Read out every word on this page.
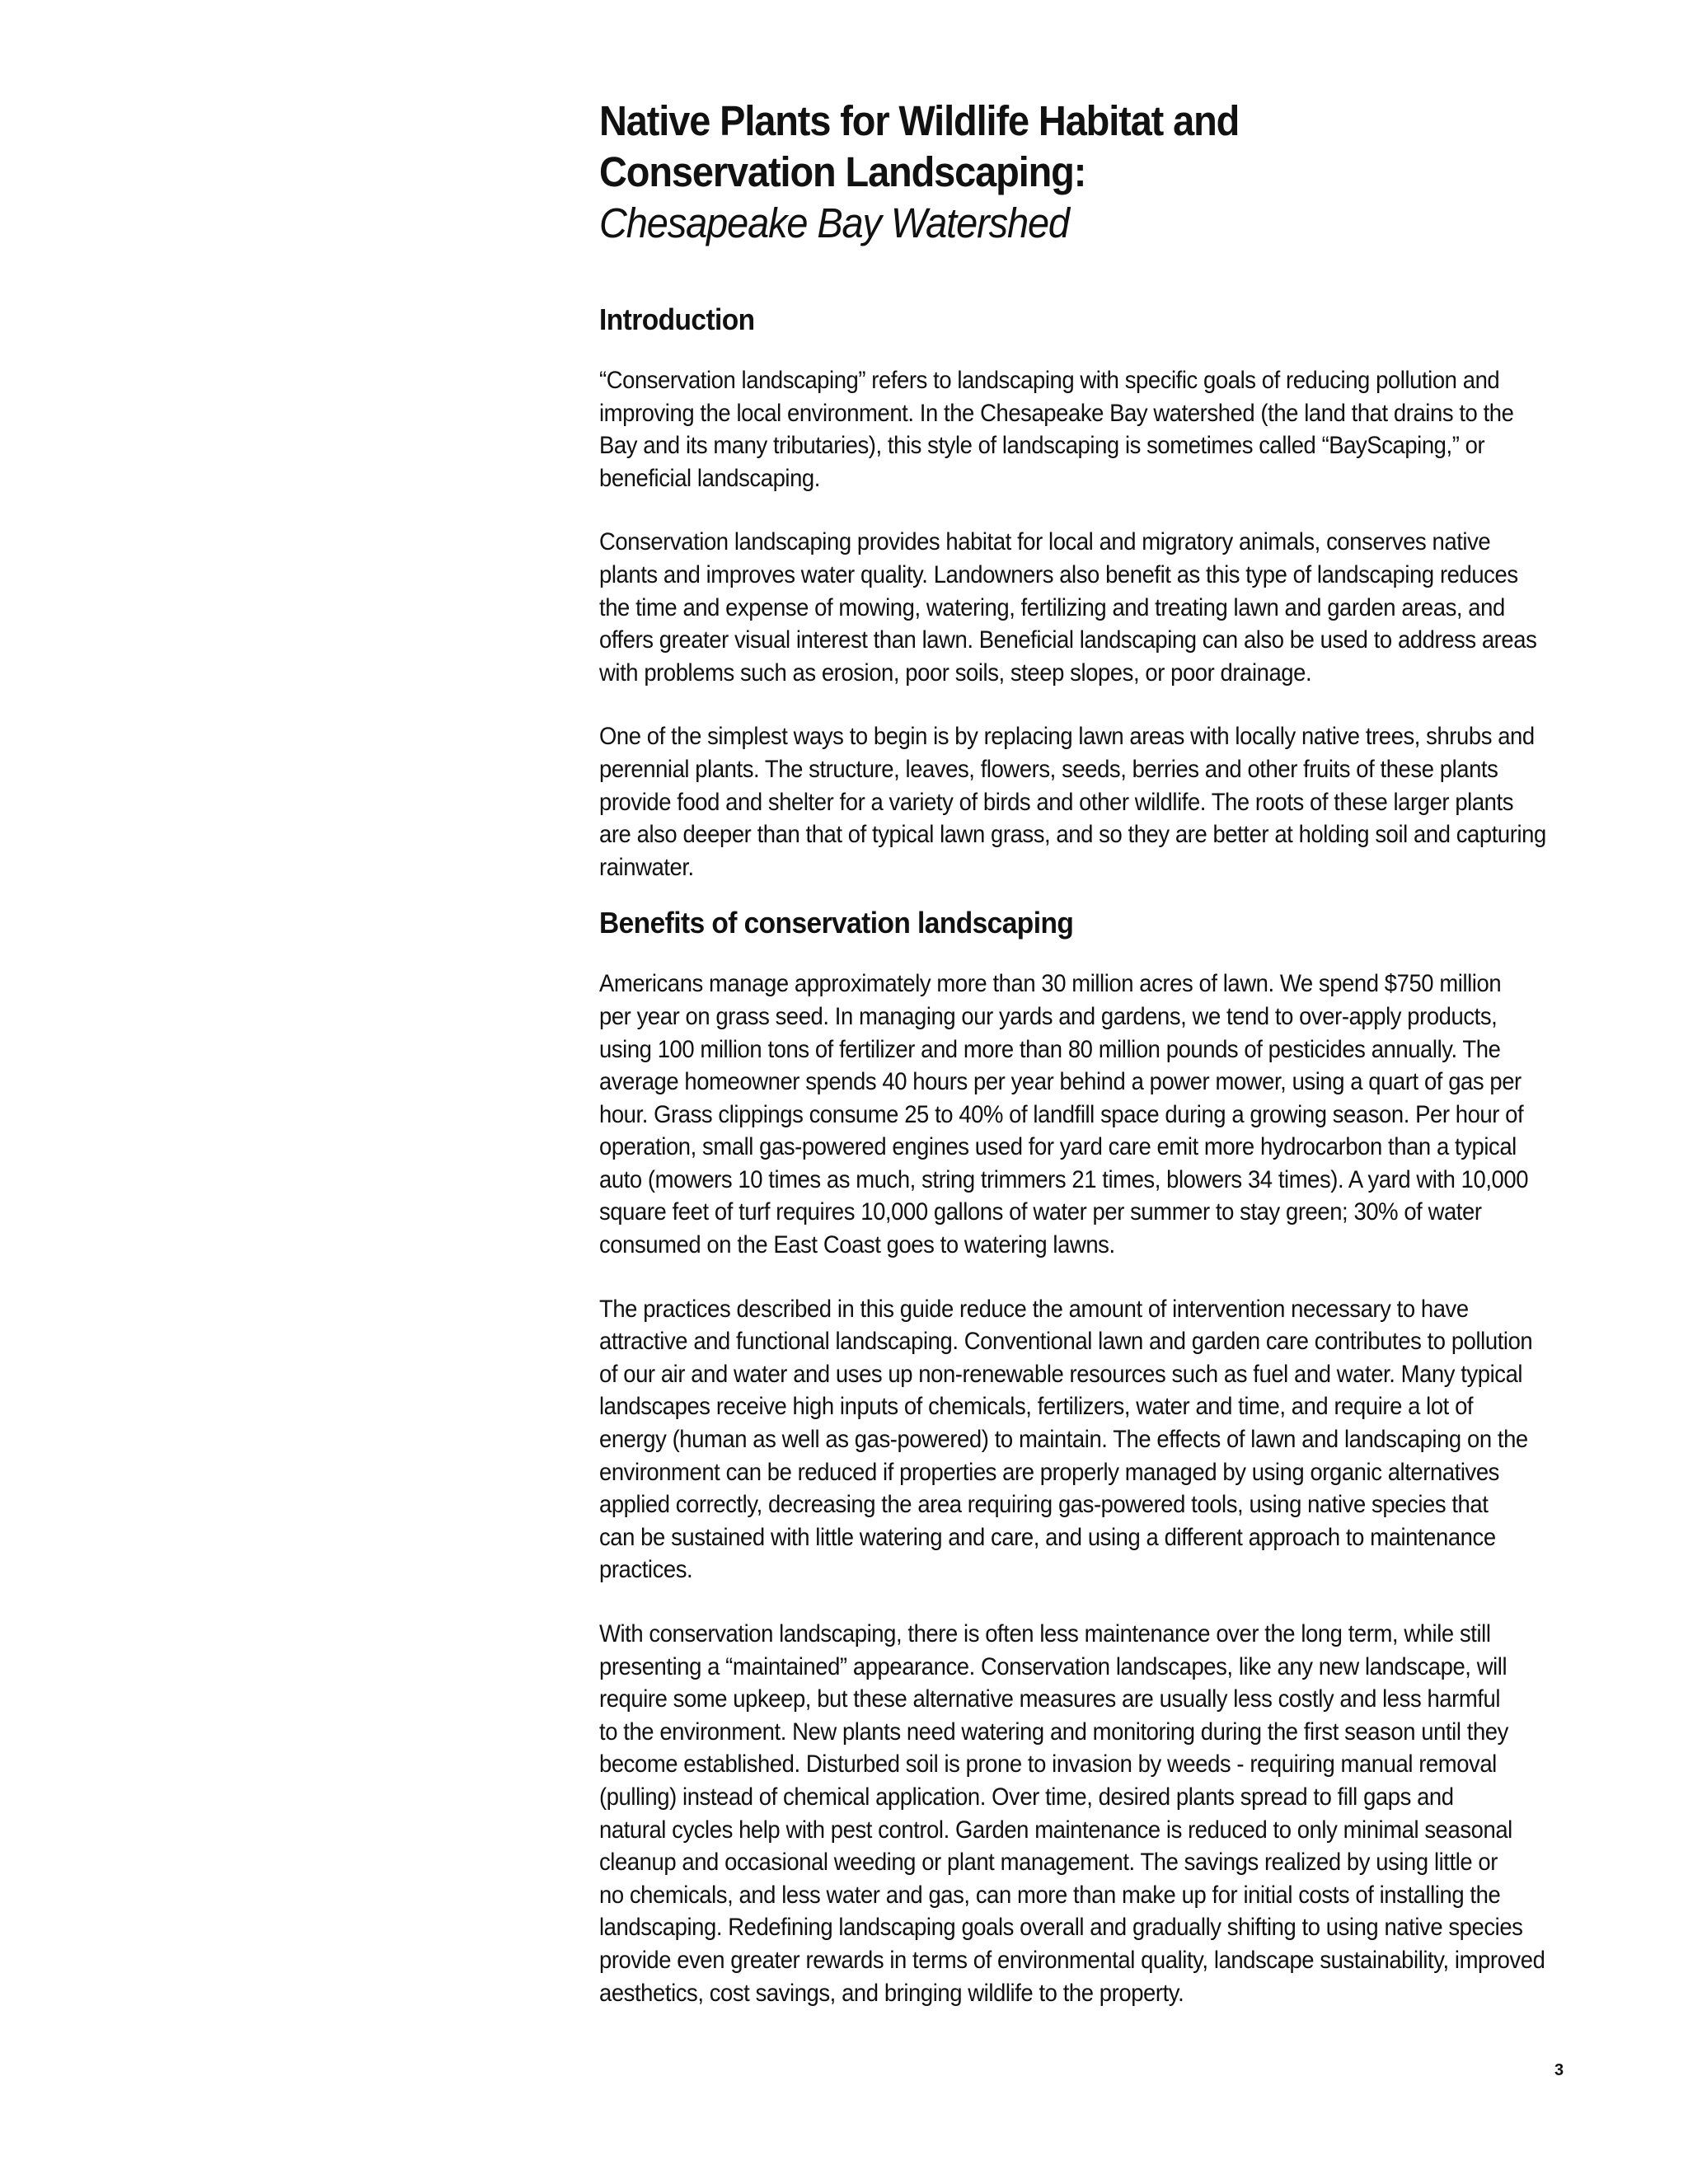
Native Plants for Wildlife Habitat and
Conservation Landscaping:
Chesapeake Bay Watershed
Introduction

“Conservation landscaping” refers to landscaping with specific goals of reducing pollution and
improving the local environment. In the Chesapeake Bay watershed (the land that drains to the
Bay and its many tributaries), this style of landscaping is sometimes called “BayScaping,” or
beneficial landscaping.

Conservation landscaping provides habitat for local and migratory animals, conserves native
plants and improves water quality. Landowners also benefit as this type of landscaping reduces
the time and expense of mowing, watering, fertilizing and treating lawn and garden areas, and
offers greater visual interest than lawn. Beneficial landscaping can also be used to address areas
with problems such as erosion, poor soils, steep slopes, or poor drainage.

One of the simplest ways to begin is by replacing lawn areas with locally native trees, shrubs and
perennial plants. The structure, leaves, flowers, seeds, berries and other fruits of these plants
provide food and shelter for a variety of birds and other wildlife. The roots of these larger plants
are also deeper than that of typical lawn grass, and so they are better at holding soil and capturing
rainwater.

Benefits of conservation landscaping

Americans manage approximately more than 30 million acres of lawn. We spend $750 million
per year on grass seed. In managing our yards and gardens, we tend to over-apply products,
using 100 million tons of fertilizer and more than 80 million pounds of pesticides annually. The
average homeowner spends 40 hours per year behind a power mower, using a quart of gas per
hour. Grass clippings consume 25 to 40% of landfill space during a growing season. Per hour of
operation, small gas-powered engines used for yard care emit more hydrocarbon than a typical
auto (mowers 10 times as much, string trimmers 21 times, blowers 34 times). A yard with 10,000
square feet of turf requires 10,000 gallons of water per summer to stay green; 30% of water
consumed on the East Coast goes to watering lawns.

The practices described in this guide reduce the amount of intervention necessary to have
attractive and functional landscaping. Conventional lawn and garden care contributes to pollution
of our air and water and uses up non-renewable resources such as fuel and water. Many typical
landscapes receive high inputs of chemicals, fertilizers, water and time, and require a lot of
energy (human as well as gas-powered) to maintain. The effects of lawn and landscaping on the
environment can be reduced if properties are properly managed by using organic alternatives
applied correctly, decreasing the area requiring gas-powered tools, using native species that
can be sustained with little watering and care, and using a different approach to maintenance
practices.

With conservation landscaping, there is often less maintenance over the long term, while still
presenting a “maintained” appearance. Conservation landscapes, like any new landscape, will
require some upkeep, but these alternative measures are usually less costly and less harmful
to the environment. New plants need watering and monitoring during the first season until they
become established. Disturbed soil is prone to invasion by weeds - requiring manual removal
(pulling) instead of chemical application. Over time, desired plants spread to fill gaps and
natural cycles help with pest control. Garden maintenance is reduced to only minimal seasonal
cleanup and occasional weeding or plant management. The savings realized by using little or
no chemicals, and less water and gas, can more than make up for initial costs of installing the
landscaping. Redefining landscaping goals overall and gradually shifting to using native species
provide even greater rewards in terms of environmental quality, landscape sustainability, improved
aesthetics, cost savings, and bringing wildlife to the property.

3
